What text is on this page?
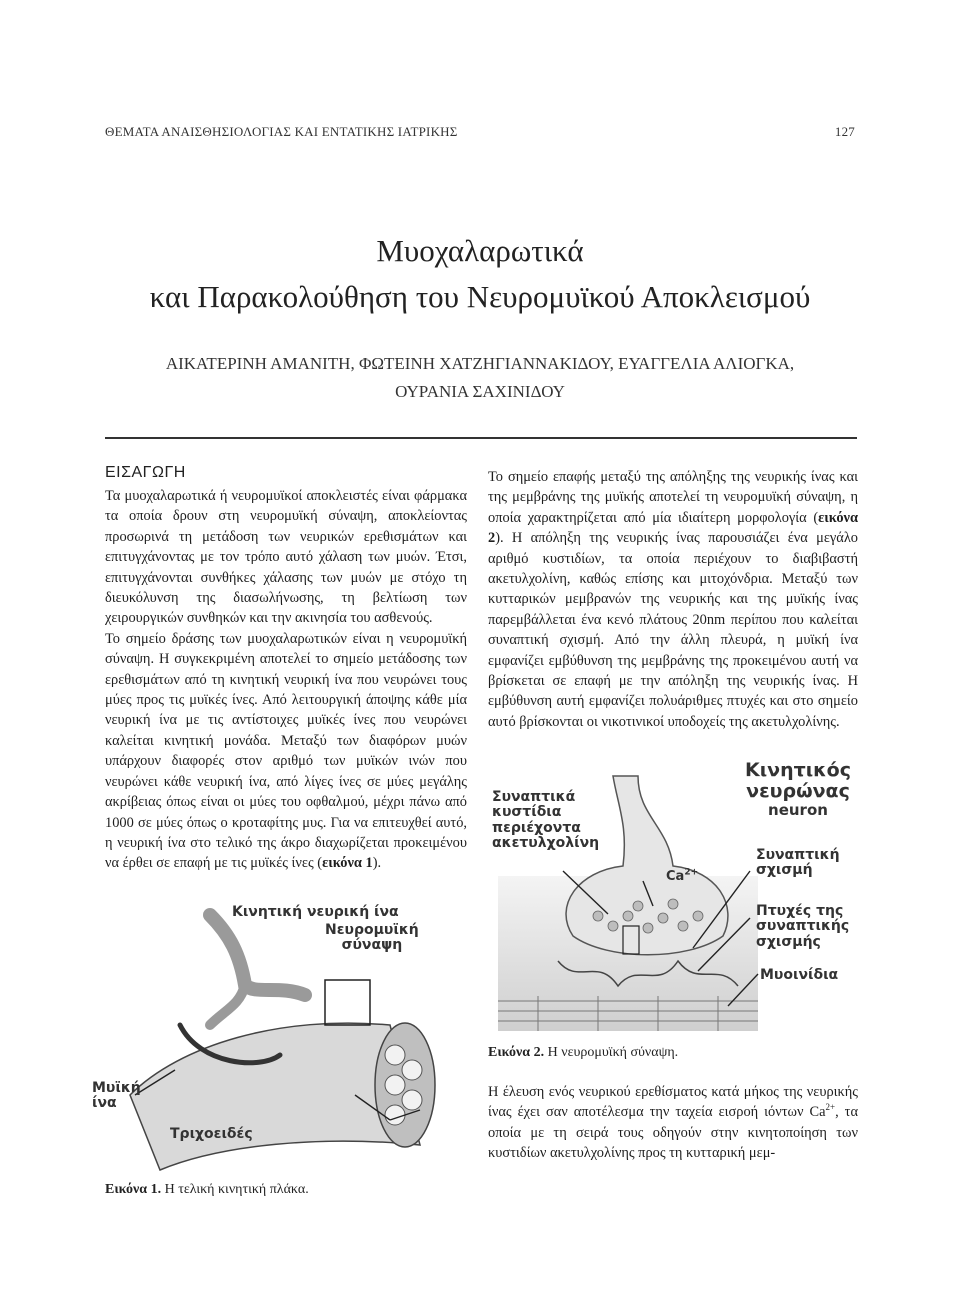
ΘΕΜΑΤΑ ΑΝΑΙΣΘΗΣΙΟΛΟΓΙΑΣ ΚΑΙ ΕΝΤΑΤΙΚΗΣ ΙΑΤΡΙΚΗΣ	127
Μυοχαλαρωτικά
και Παρακολούθηση του Νευρομυϊκού Αποκλεισμού
ΑΙΚΑΤΕΡΙΝΗ ΑΜΑΝΙΤΗ, ΦΩΤΕΙΝΗ ΧΑΤΖΗΓΙΑΝΝΑΚΙΔΟΥ, ΕΥΑΓΓΕΛΙΑ ΑΛΙΟΓΚΑ,
ΟΥΡΑΝΙΑ ΣΑΧΙΝΙΔΟΥ
ΕΙΣΑΓΩΓΗ

Τα μυοχαλαρωτικά ή νευρομυϊκοί αποκλειστές είναι φάρμακα τα οποία δρουν στη νευρομυϊκή σύναψη, αποκλείοντας προσωρινά τη μετάδοση των νευρικών ερεθισμάτων και επιτυγχάνοντας με τον τρόπο αυτό χάλαση των μυών. Έτσι, επιτυγχάνονται συνθήκες χάλασης των μυών με στόχο τη διευκόλυνση της διασωλήνωσης, τη βελτίωση των χειρουργικών συνθηκών και την ακινησία του ασθενούς.

Το σημείο δράσης των μυοχαλαρωτικών είναι η νευρομυϊκή σύναψη. Η συγκεκριμένη αποτελεί το σημείο μετάδοσης των ερεθισμάτων από τη κινητική νευρική ίνα που νευρώνει τους μύες προς τις μυϊκές ίνες. Από λειτουργική άποψης κάθε μία νευρική ίνα με τις αντίστοιχες μυϊκές ίνες που νευρώνει καλείται κινητική μονάδα. Μεταξύ των διαφόρων μυών υπάρχουν διαφορές στον αριθμό των μυϊκών ινών που νευρώνει κάθε νευρική ίνα, από λίγες ίνες σε μύες μεγάλης ακρίβειας όπως είναι οι μύες του οφθαλμού, μέχρι πάνω από 1000 σε μύες όπως ο κροταφίτης μυς. Για να επιτευχθεί αυτό, η νευρική ίνα στο τελικό της άκρο διαχωρίζεται προκειμένου να έρθει σε επαφή με τις μυϊκές ίνες (εικόνα 1).

Το σημείο επαφής μεταξύ της απόληξης της νευρικής ίνας και της μεμβράνης της μυϊκής αποτελεί τη νευρομυϊκή σύναψη, η οποία χαρακτηρίζεται από μία ιδιαίτερη μορφολογία (εικόνα 2). Η απόληξη της νευρικής ίνας παρουσιάζει ένα μεγάλο αριθμό κυστιδίων, τα οποία περιέχουν το διαβιβαστή ακετυλχολίνη, καθώς επίσης και μιτοχόνδρια. Μεταξύ των κυτταρικών μεμβρανών της νευρικής και της μυϊκής ίνας παρεμβάλλεται ένα κενό πλάτους 20nm περίπου που καλείται συναπτική σχισμή. Από την άλλη πλευρά, η μυϊκή ίνα εμφανίζει εμβύθυνση της μεμβράνης της προκειμένου αυτή να βρίσκεται σε επαφή με την απόληξη της νευρικής ίνας. Η εμβύθυνση αυτή εμφανίζει πολυάριθμες πτυχές και στο σημείο αυτό βρίσκονται οι νικοτινικοί υποδοχείς της ακετυλχολίνης.

Η έλευση ενός νευρικού ερεθίσματος κατά μήκος της νευρικής ίνας έχει σαν αποτέλεσμα την ταχεία εισροή ιόντων $Ca^{2+}$, τα οποία με τη σειρά τους οδηγούν στην κινητοποίηση των κυστιδίων ακετυλχολίνης προς τη κυτταρική μεμ-

Κινητικός
νευρώνας
neuron
Συναπτικά
κυστίδια
περιέχοντα
ακετυλχολίνη
$Ca^{2+}$
Συναπτική
σχισμή
Πτυχές της
συναπτικής
σχισμής
Μυοινίδια
Εικόνα 2. Η νευρομυϊκή σύναψη.
Κινητική νευρική ίνα
Νευρομυϊκή
σύναψη
Μυϊκή
ίνα
Τριχοειδές
Εικόνα 1. Η τελική κινητική πλάκα.
